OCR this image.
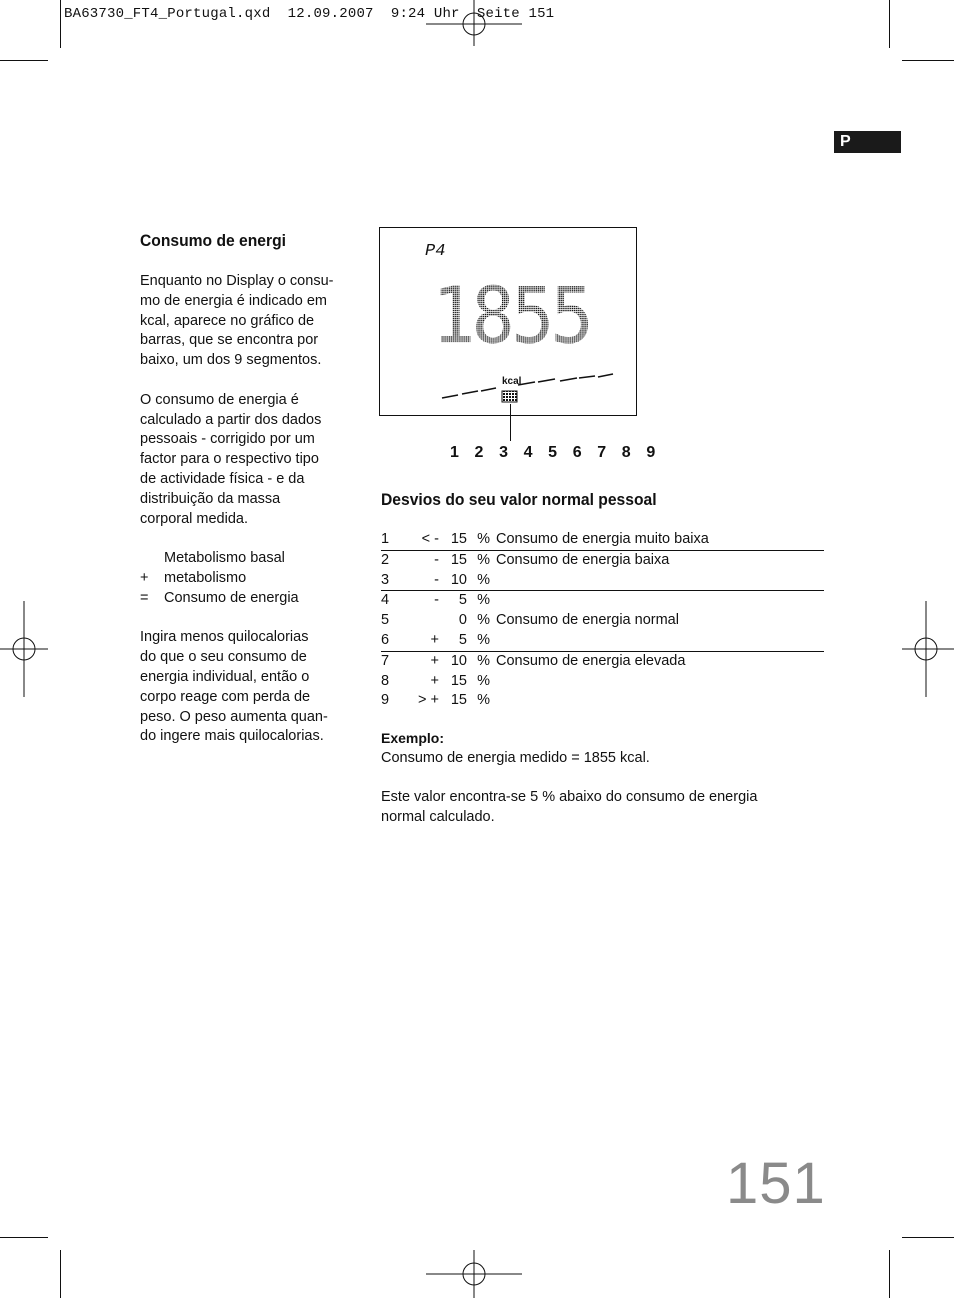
BA63730_FT4_Portugal.qxd  12.09.2007  9:24 Uhr  Seite 151
P
Consumo de energi

Enquanto no Display o consu-
mo de energia é indicado em
kcal, aparece no gráfico de
barras, que se encontra por
baixo, um dos 9 segmentos.

O consumo de energia é
calculado a partir dos dados
pessoais - corrigido por um
factor para o respectivo tipo
de actividade física - e da
distribuição da massa
corporal medida.

Metabolismo basal
+	metabolismo
=	Consumo de energia

Ingira menos quilocalorias
do que o seu consumo de
energia individual, então o
corpo reage com perda de
peso. O peso aumenta quan-
do ingere mais quilocalorias.

P4
1855
kcal
1 2 3 4 5 6 7 8 9
Desvios do seu valor normal pessoal
1	< -	15	%	Consumo de energia muito baixa
2	-	15	%	Consumo de energia baixa
3	-	10	%	
4	-	5	%	
5		0	%	Consumo de energia normal
6	+	5	%	
7	+	10	%	Consumo de energia elevada
8	+	15	%	
9	> +	15	%	
Exemplo:
Consumo de energia medido = 1855 kcal.
Este valor encontra-se 5 % abaixo do consumo de energia
normal calculado.
151
